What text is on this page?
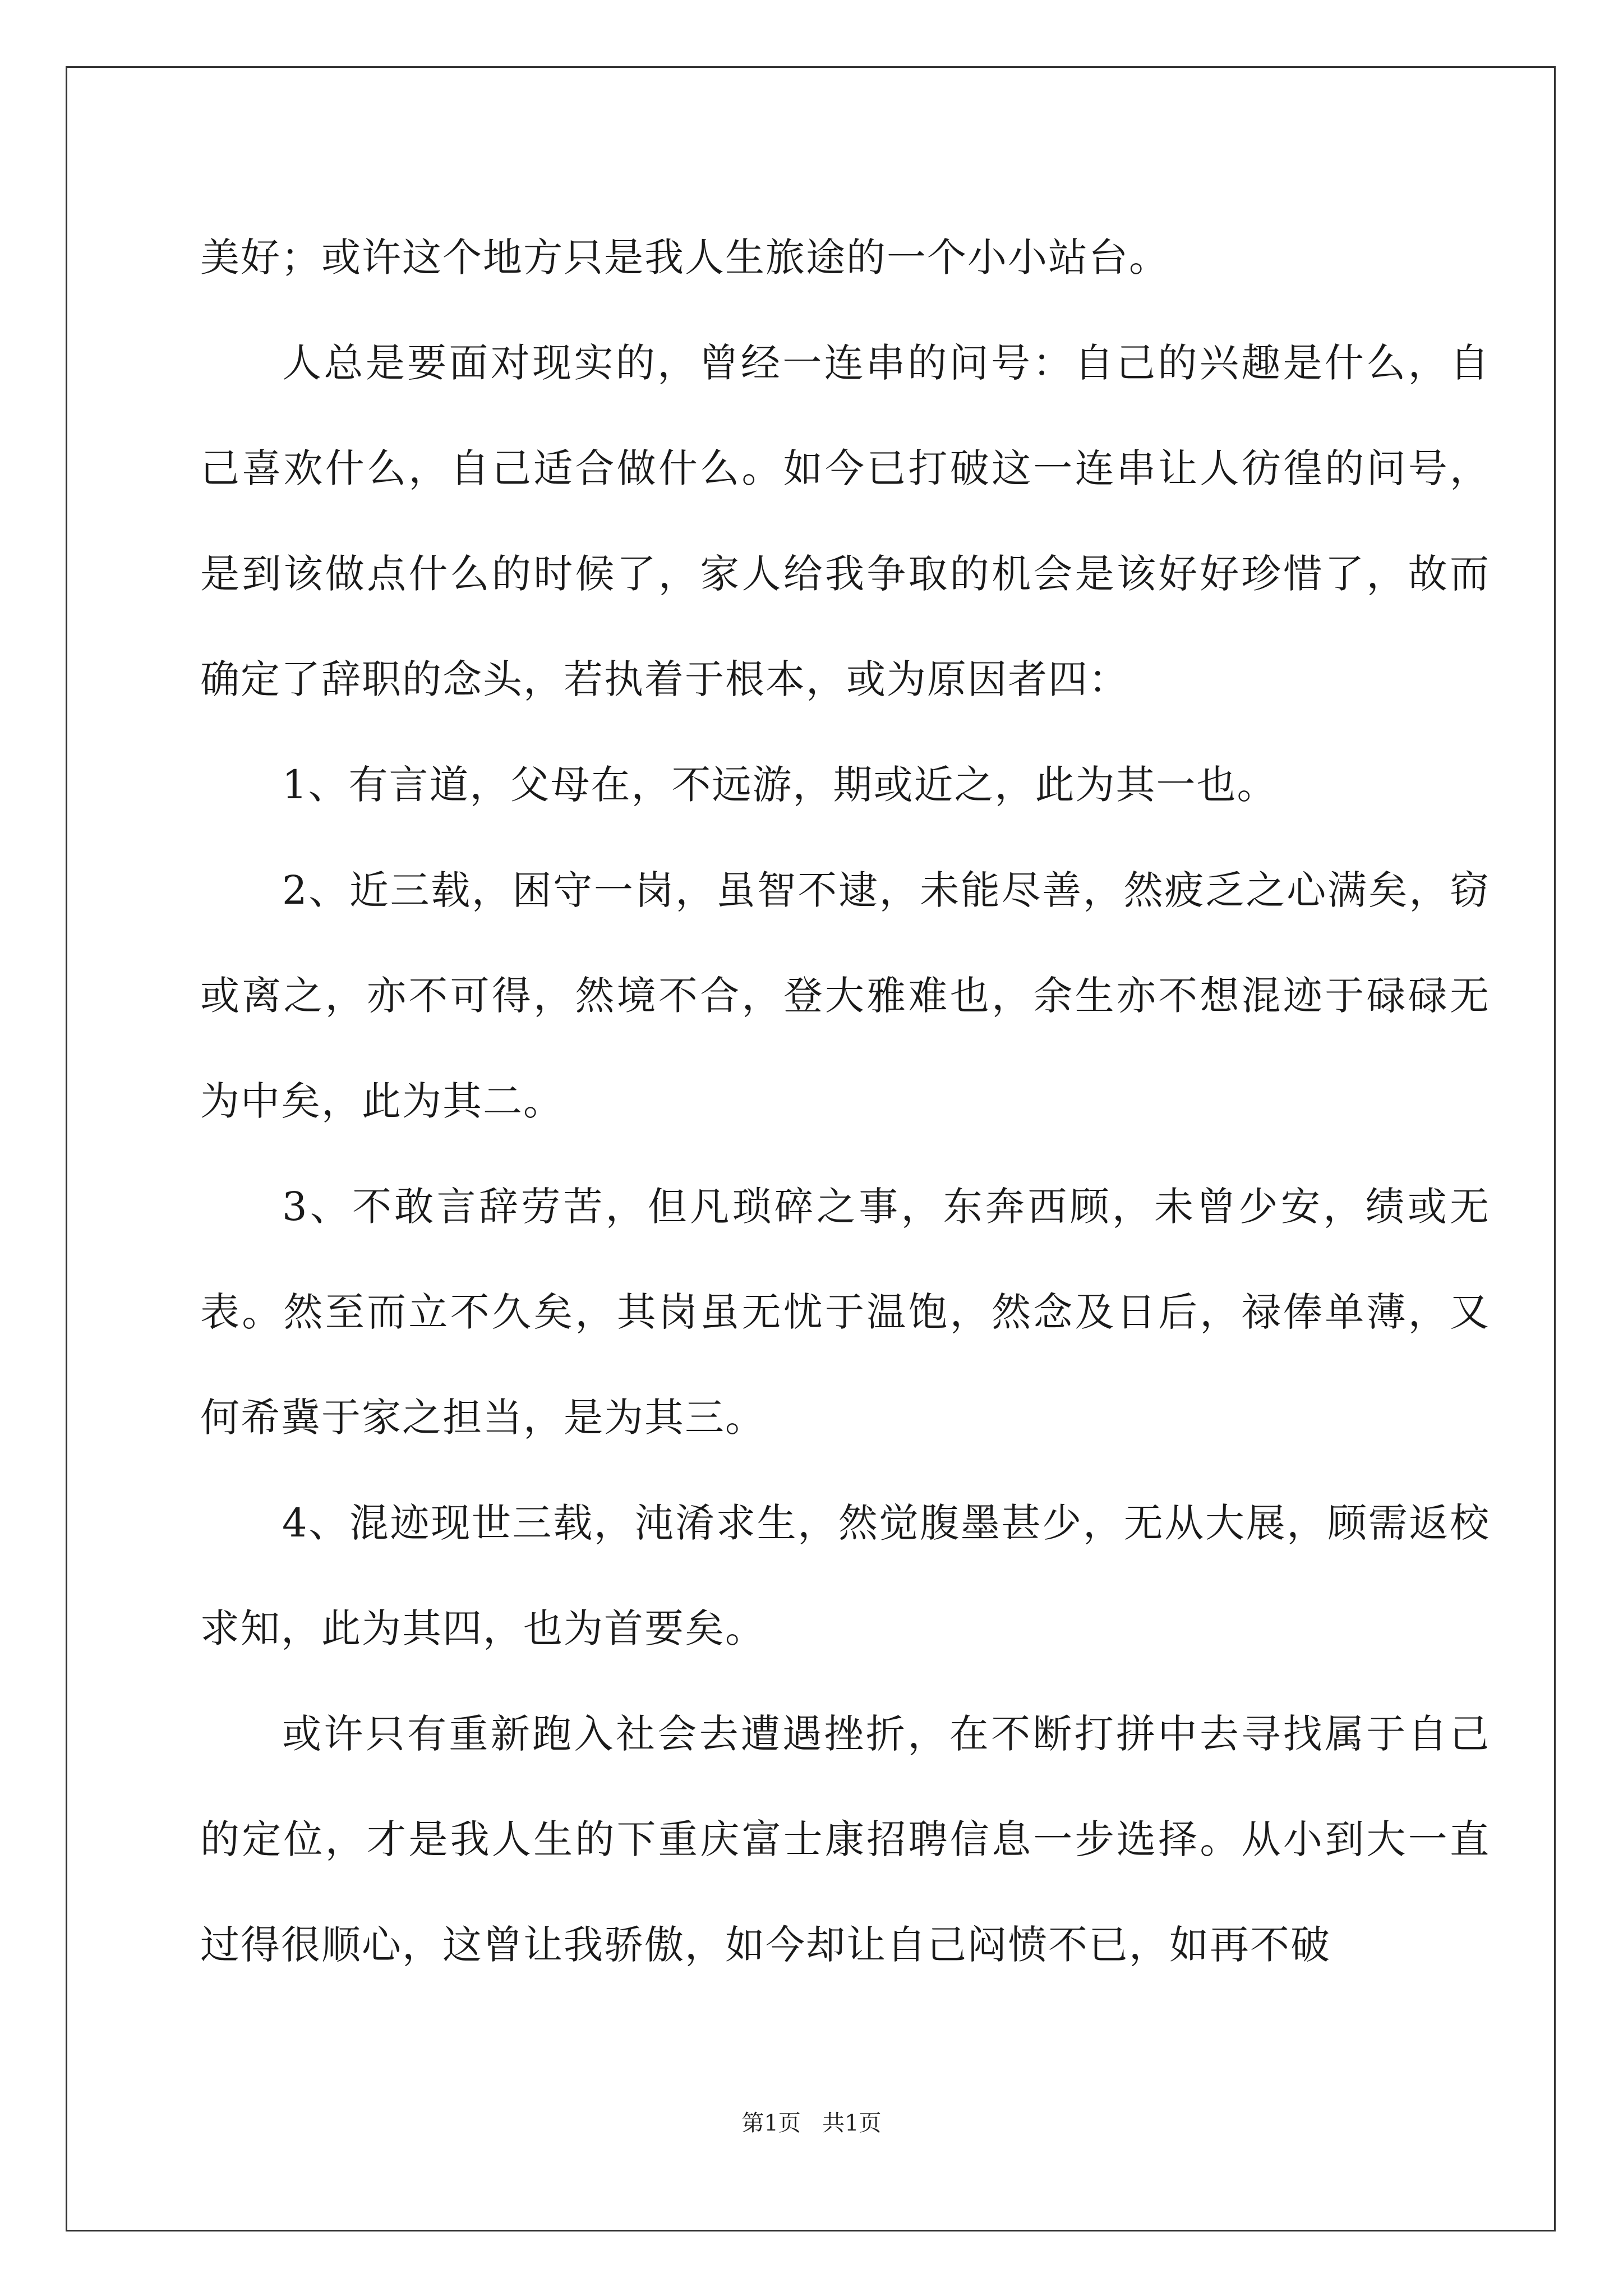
美好；或许这个地方只是我人生旅途的一个小小站台。

人总是要面对现实的，曾经一连串的问号：自己的兴趣是什么，自己喜欢什么，自己适合做什么。如今已打破这一连串让人彷徨的问号，是到该做点什么的时候了，家人给我争取的机会是该好好珍惜了，故而确定了辞职的念头，若执着于根本，或为原因者四：

1、有言道，父母在，不远游，期或近之，此为其一也。

2、近三载，困守一岗，虽智不逮，未能尽善，然疲乏之心满矣，窃或离之，亦不可得，然境不合，登大雅难也，余生亦不想混迹于碌碌无为中矣，此为其二。

3、不敢言辞劳苦，但凡琐碎之事，东奔西顾，未曾少安，绩或无表。然至而立不久矣，其岗虽无忧于温饱，然念及日后，禄俸单薄，又何希冀于家之担当，是为其三。

4、混迹现世三载，沌淆求生，然觉腹墨甚少，无从大展，顾需返校求知，此为其四，也为首要矣。

或许只有重新跑入社会去遭遇挫折，在不断打拼中去寻找属于自己的定位，才是我人生的下重庆富士康招聘信息一步选择。从小到大一直过得很顺心，这曾让我骄傲，如今却让自己闷愤不已，如再不破

第1页 共1页
